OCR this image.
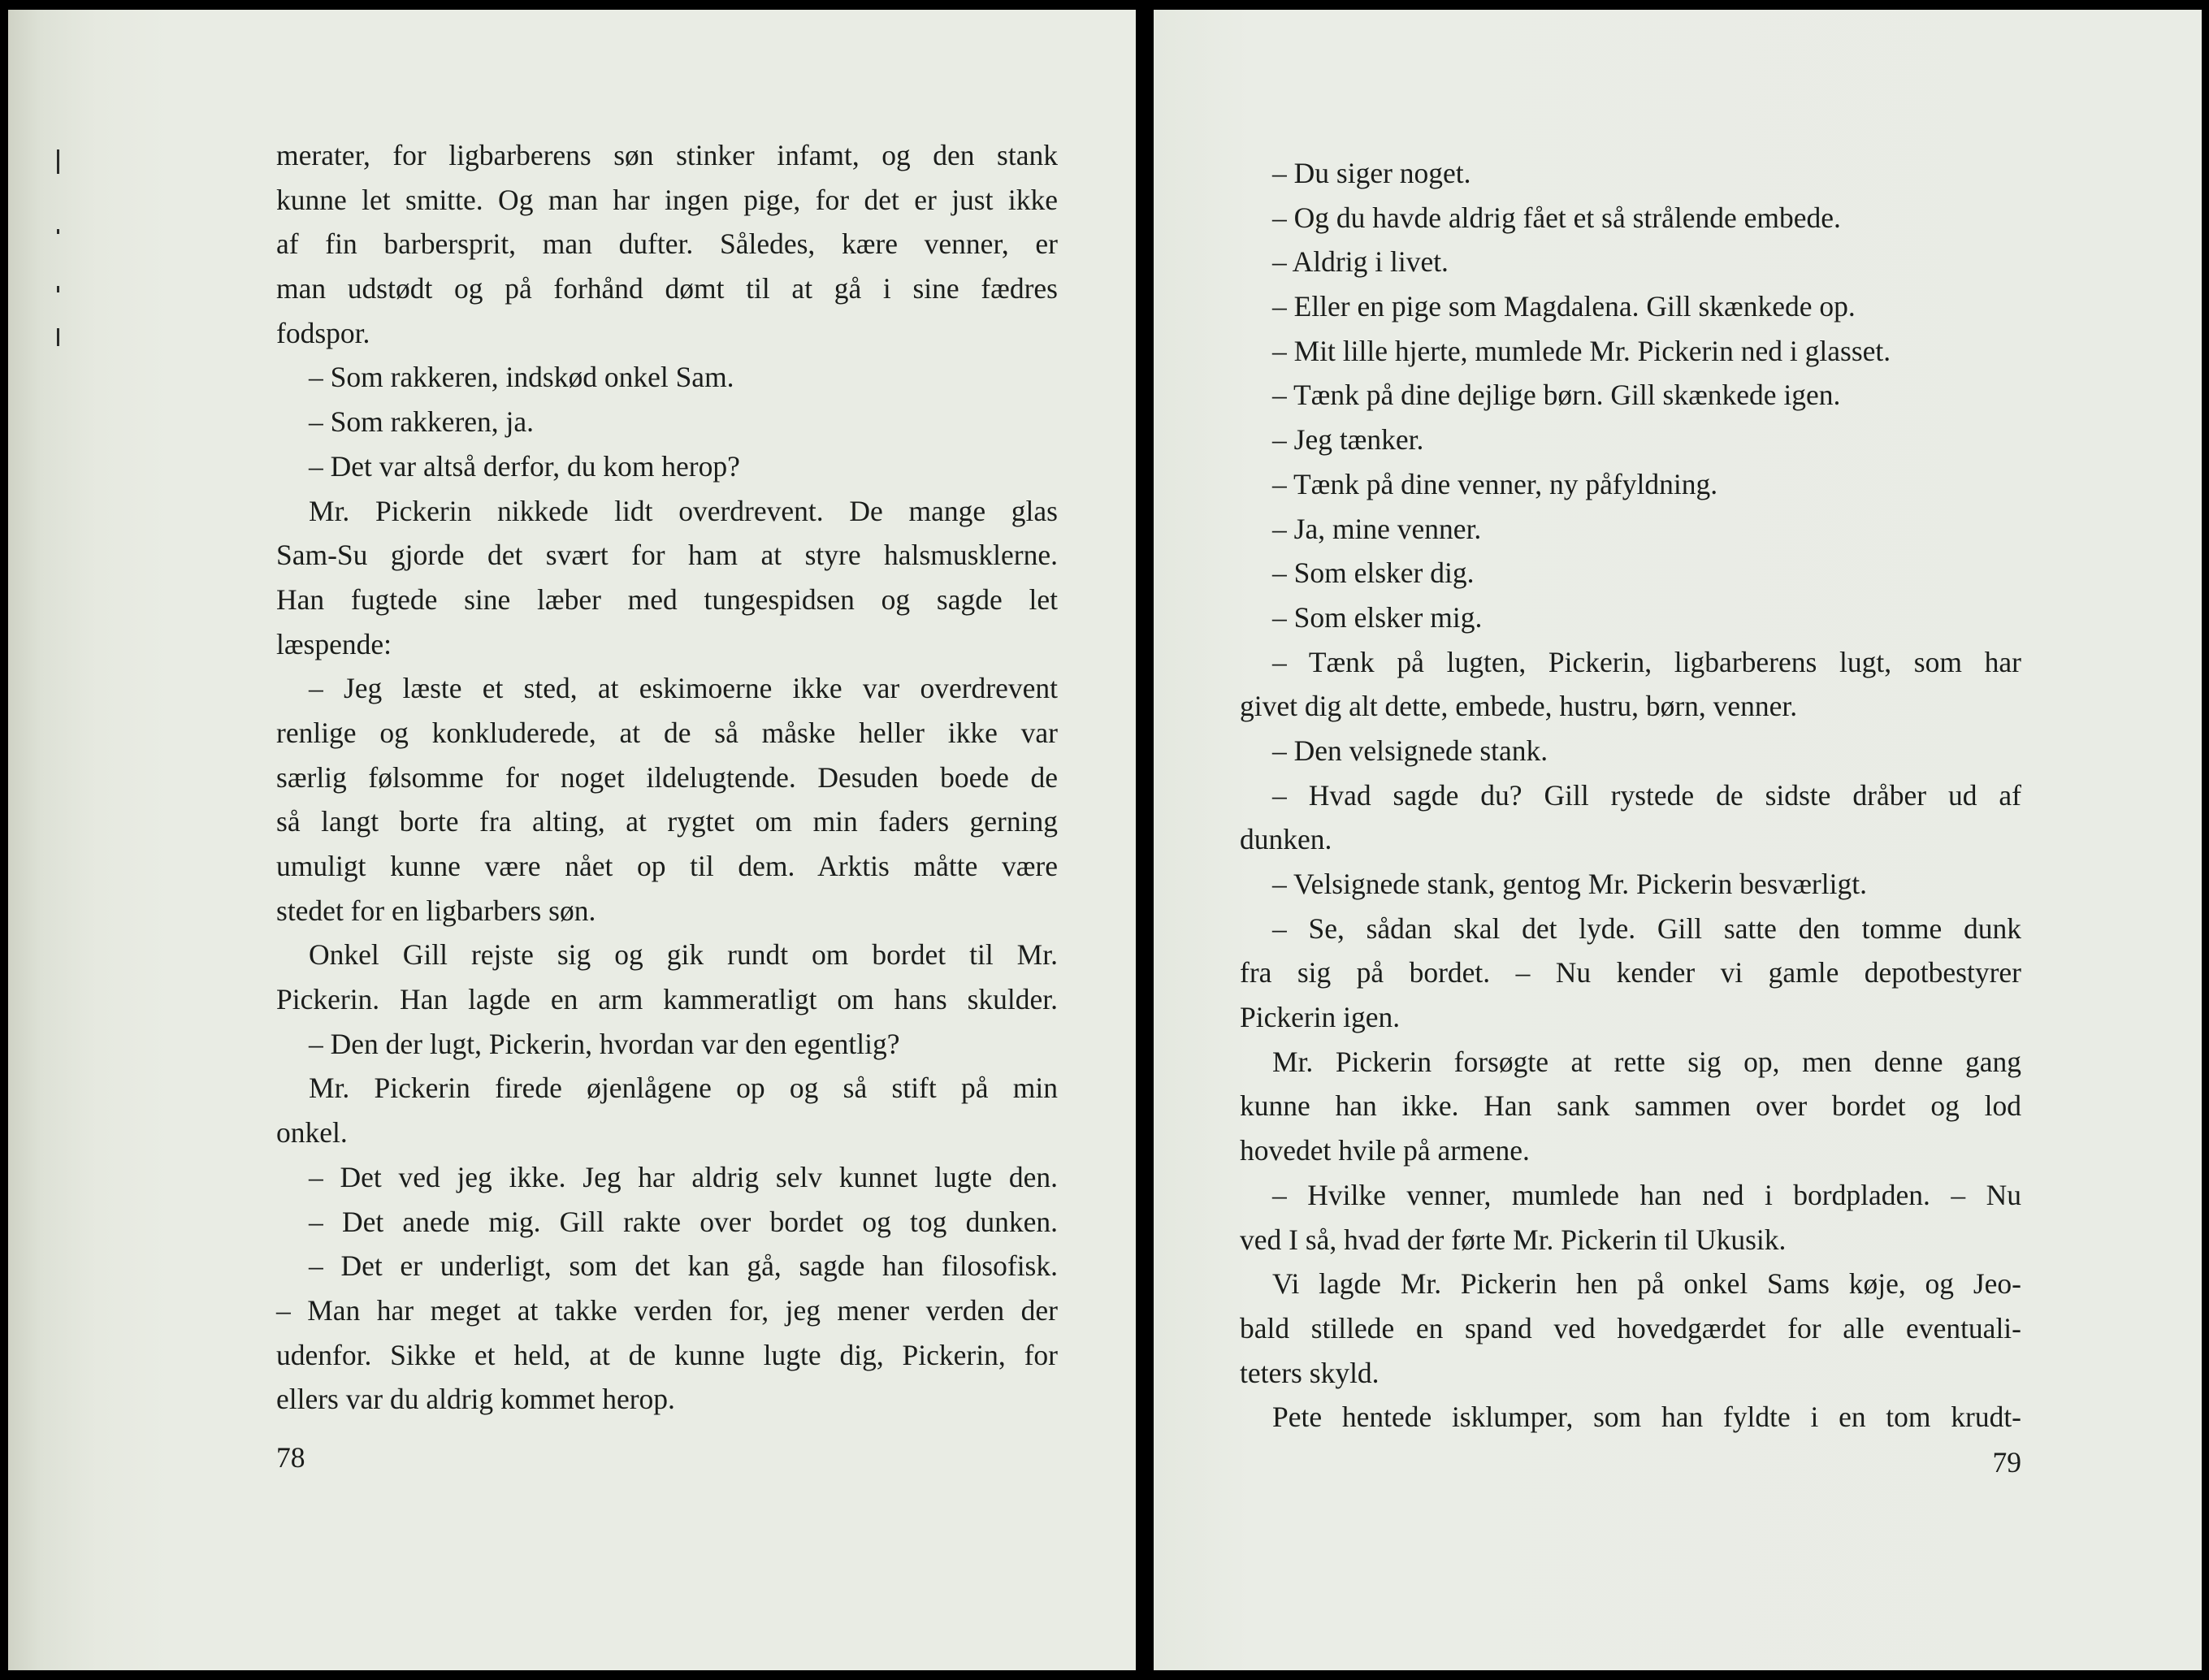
merater, for ligbarberens søn stinker infamt, og den stank
kunne let smitte. Og man har ingen pige, for det er just ikke
af fin barbersprit, man dufter. Således, kære venner, er
man udstødt og på forhånd dømt til at gå i sine fædres
fodspor.
– Som rakkeren, indskød onkel Sam.
– Som rakkeren, ja.
– Det var altså derfor, du kom herop?
Mr. Pickerin nikkede lidt overdrevent. De mange glas
Sam-Su gjorde det svært for ham at styre halsmusklerne.
Han fugtede sine læber med tungespidsen og sagde let
læspende:
– Jeg læste et sted, at eskimoerne ikke var overdrevent
renlige og konkluderede, at de så måske heller ikke var
særlig følsomme for noget ildelugtende. Desuden boede de
så langt borte fra alting, at rygtet om min faders gerning
umuligt kunne være nået op til dem. Arktis måtte være
stedet for en ligbarbers søn.
Onkel Gill rejste sig og gik rundt om bordet til Mr.
Pickerin. Han lagde en arm kammeratligt om hans skulder.
– Den der lugt, Pickerin, hvordan var den egentlig?
Mr. Pickerin firede øjenlågene op og så stift på min
onkel.
– Det ved jeg ikke. Jeg har aldrig selv kunnet lugte den.
– Det anede mig. Gill rakte over bordet og tog dunken.
– Det er underligt, som det kan gå, sagde han filosofisk.
– Man har meget at takke verden for, jeg mener verden der
udenfor. Sikke et held, at de kunne lugte dig, Pickerin, for
ellers var du aldrig kommet herop.
78
– Du siger noget.
– Og du havde aldrig fået et så strålende embede.
– Aldrig i livet.
– Eller en pige som Magdalena. Gill skænkede op.
– Mit lille hjerte, mumlede Mr. Pickerin ned i glasset.
– Tænk på dine dejlige børn. Gill skænkede igen.
– Jeg tænker.
– Tænk på dine venner, ny påfyldning.
– Ja, mine venner.
– Som elsker dig.
– Som elsker mig.
– Tænk på lugten, Pickerin, ligbarberens lugt, som har
givet dig alt dette, embede, hustru, børn, venner.
– Den velsignede stank.
– Hvad sagde du? Gill rystede de sidste dråber ud af
dunken.
– Velsignede stank, gentog Mr. Pickerin besværligt.
– Se, sådan skal det lyde. Gill satte den tomme dunk
fra sig på bordet. – Nu kender vi gamle depotbestyrer
Pickerin igen.
Mr. Pickerin forsøgte at rette sig op, men denne gang
kunne han ikke. Han sank sammen over bordet og lod
hovedet hvile på armene.
– Hvilke venner, mumlede han ned i bordpladen. – Nu
ved I så, hvad der førte Mr. Pickerin til Ukusik.
Vi lagde Mr. Pickerin hen på onkel Sams køje, og Jeo-
bald stillede en spand ved hovedgærdet for alle eventuali-
teters skyld.
Pete hentede isklumper, som han fyldte i en tom krudt-
79
